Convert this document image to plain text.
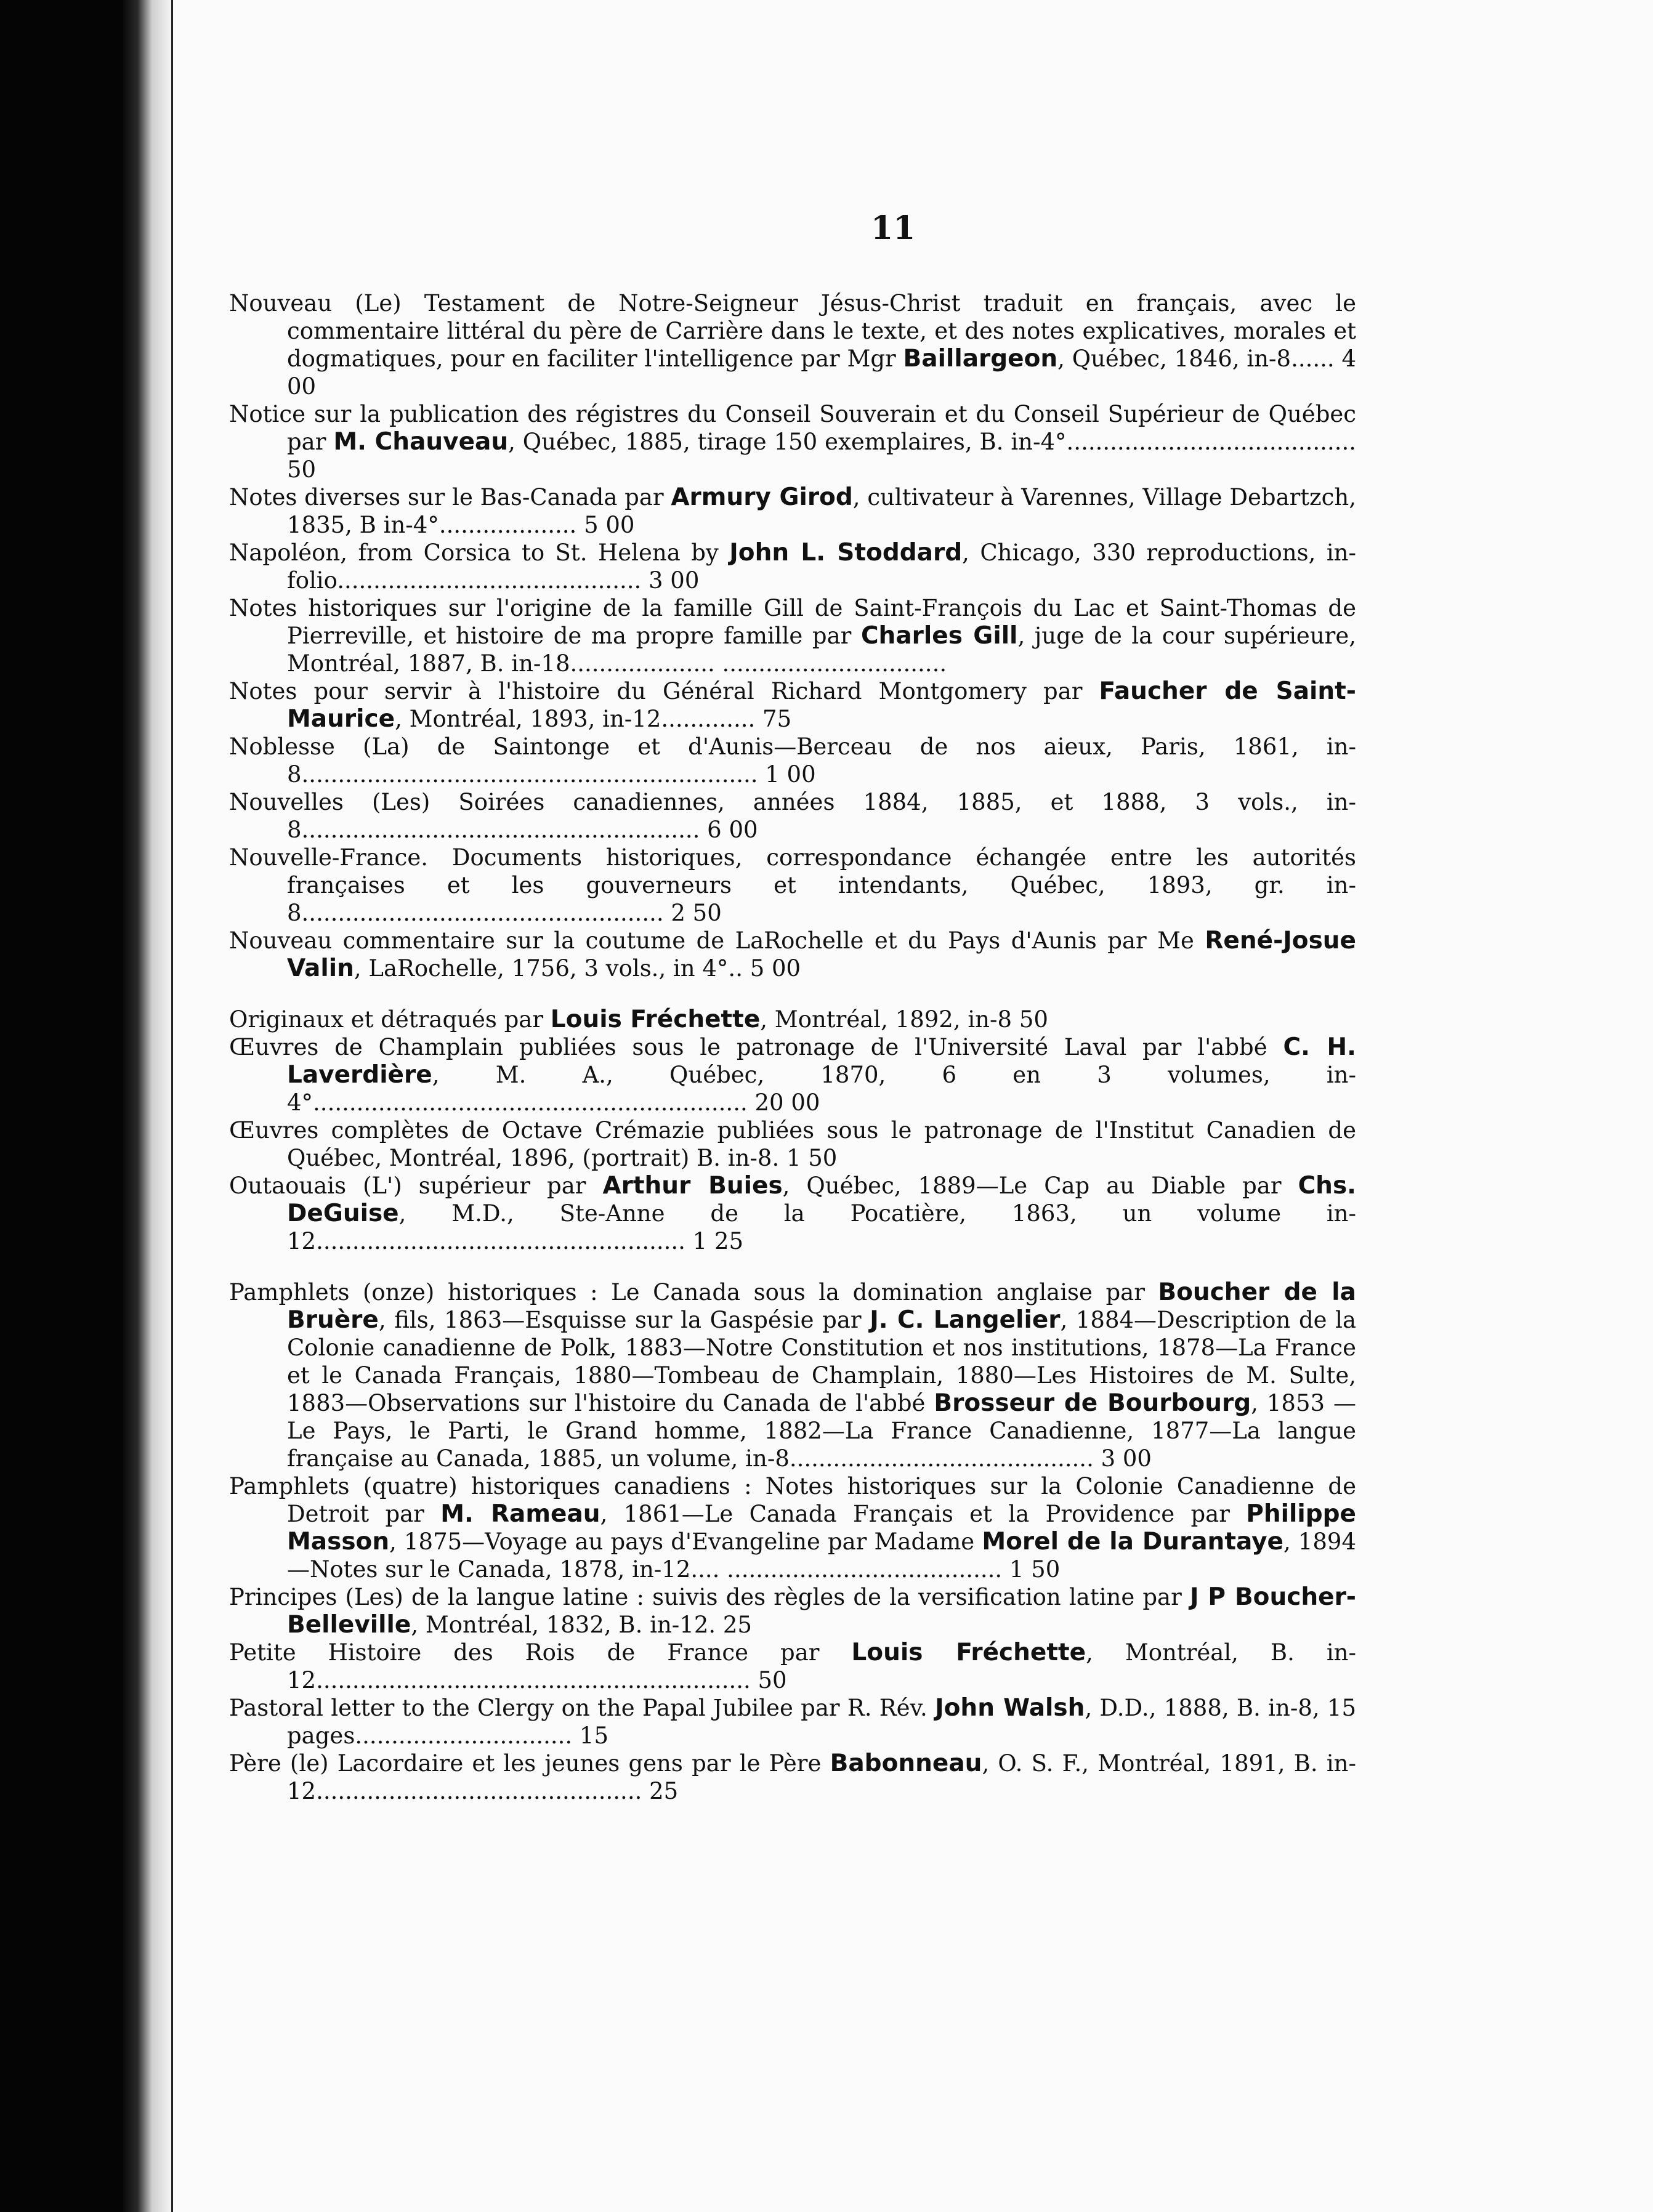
11

Nouveau (Le) Testament de Notre-Seigneur Jésus-Christ traduit en français, avec le commentaire littéral du père de Carrière dans le texte, et des notes explicatives, morales et dogmatiques, pour en faciliter l'intelligence par Mgr Baillargeon, Québec, 1846, in-8...... 4 00
Notice sur la publication des régistres du Conseil Souverain et du Conseil Supérieur de Québec par M. Chauveau, Québec, 1885, tirage 150 exemplaires, B. in-4°........................................ 50
Notes diverses sur le Bas-Canada par Armury Girod, cultivateur à Varennes, Village Debartzch, 1835, B in-4°................... 5 00
Napoléon, from Corsica to St. Helena by John L. Stoddard, Chicago, 330 reproductions, in-folio.......................................... 3 00
Notes historiques sur l'origine de la famille Gill de Saint-François du Lac et Saint-Thomas de Pierreville, et histoire de ma propre famille par Charles Gill, juge de la cour supérieure, Montréal, 1887, B. in-18.................... ...............................
Notes pour servir à l'histoire du Général Richard Montgomery par Faucher de Saint-Maurice, Montréal, 1893, in-12............. 75
Noblesse (La) de Saintonge et d'Aunis—Berceau de nos aieux, Paris, 1861, in-8............................................................... 1 00
Nouvelles (Les) Soirées canadiennes, années 1884, 1885, et 1888, 3 vols., in-8....................................................... 6 00
Nouvelle-France. Documents historiques, correspondance échangée entre les autorités françaises et les gouverneurs et intendants, Québec, 1893, gr. in-8.................................................. 2 50
Nouveau commentaire sur la coutume de LaRochelle et du Pays d'Aunis par Me René-Josue Valin, LaRochelle, 1756, 3 vols., in 4°.. 5 00
Originaux et détraqués par Louis Fréchette, Montréal, 1892, in-8 50
Œuvres de Champlain publiées sous le patronage de l'Université Laval par l'abbé C. H. Laverdière, M. A., Québec, 1870, 6 en 3 volumes, in-4°............................................................ 20 00
Œuvres complètes de Octave Crémazie publiées sous le patronage de l'Institut Canadien de Québec, Montréal, 1896, (portrait) B. in-8. 1 50
Outaouais (L') supérieur par Arthur Buies, Québec, 1889—Le Cap au Diable par Chs. DeGuise, M.D., Ste-Anne de la Pocatière, 1863, un volume in-12................................................... 1 25
Pamphlets (onze) historiques : Le Canada sous la domination anglaise par Boucher de la Bruère, fils, 1863—Esquisse sur la Gaspésie par J. C. Langelier, 1884—Description de la Colonie canadienne de Polk, 1883—Notre Constitution et nos institutions, 1878—La France et le Canada Français, 1880—Tombeau de Champlain, 1880—Les Histoires de M. Sulte, 1883—Observations sur l'histoire du Canada de l'abbé Brosseur de Bourbourg, 1853 — Le Pays, le Parti, le Grand homme, 1882—La France Canadienne, 1877—La langue française au Canada, 1885, un volume, in-8.......................................... 3 00
Pamphlets (quatre) historiques canadiens : Notes historiques sur la Colonie Canadienne de Detroit par M. Rameau, 1861—Le Canada Français et la Providence par Philippe Masson, 1875—Voyage au pays d'Evangeline par Madame Morel de la Durantaye, 1894—Notes sur le Canada, 1878, in-12.... ...................................... 1 50
Principes (Les) de la langue latine : suivis des règles de la versification latine par J P Boucher-Belleville, Montréal, 1832, B. in-12. 25
Petite Histoire des Rois de France par Louis Fréchette, Montréal, B. in-12............................................................ 50
Pastoral letter to the Clergy on the Papal Jubilee par R. Rév. John Walsh, D.D., 1888, B. in-8, 15 pages.............................. 15
Père (le) Lacordaire et les jeunes gens par le Père Babonneau, O. S. F., Montréal, 1891, B. in-12............................................. 25
